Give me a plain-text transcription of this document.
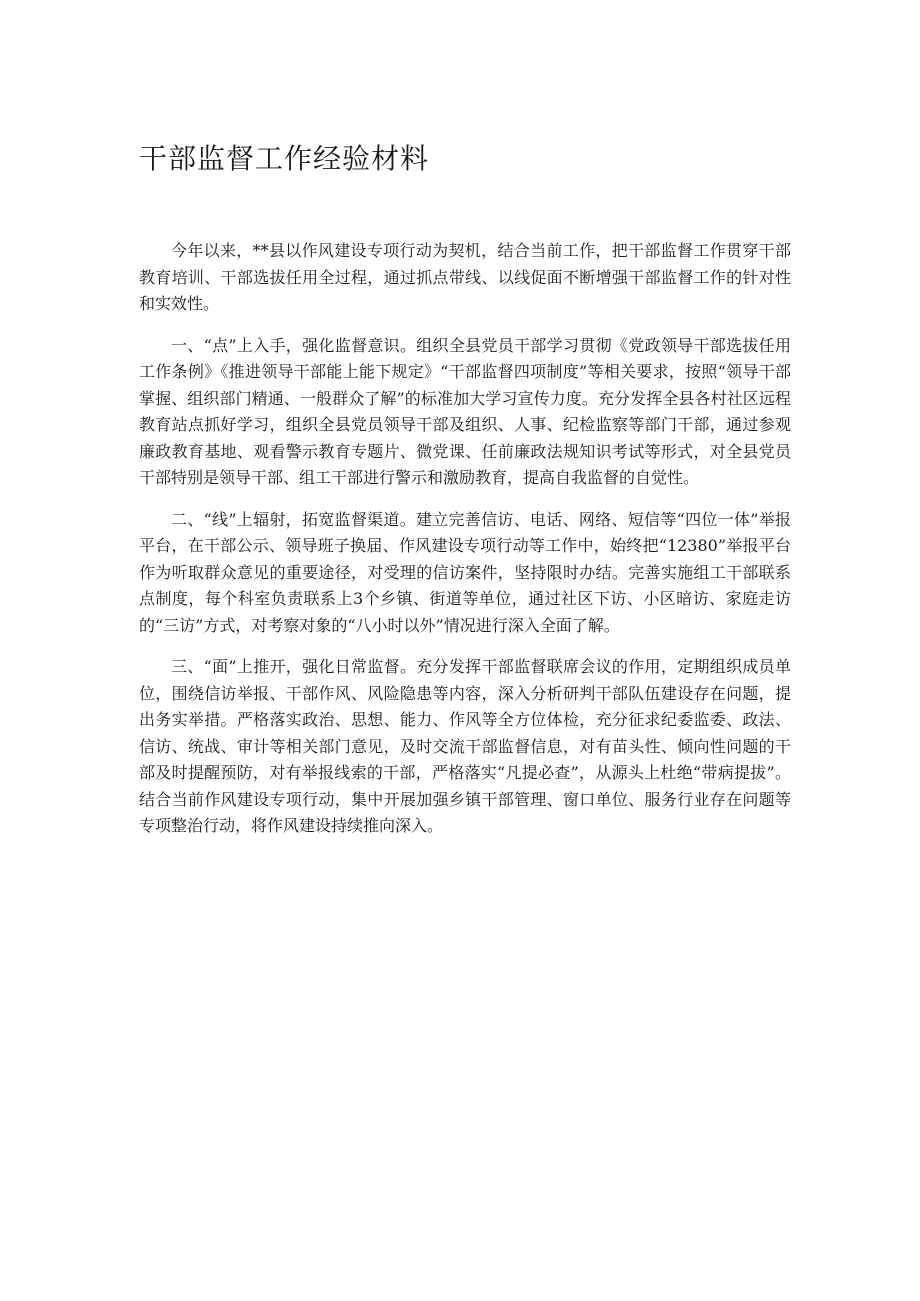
干部监督工作经验材料

今年以来，**县以作风建设专项行动为契机，结合当前工作，把干部监督工作贯穿干部教育培训、干部选拔任用全过程，通过抓点带线、以线促面不断增强干部监督工作的针对性和实效性。

一、“点”上入手，强化监督意识。组织全县党员干部学习贯彻《党政领导干部选拔任用工作条例》《推进领导干部能上能下规定》“干部监督四项制度”等相关要求，按照“领导干部掌握、组织部门精通、一般群众了解”的标准加大学习宣传力度。充分发挥全县各村社区远程教育站点抓好学习，组织全县党员领导干部及组织、人事、纪检监察等部门干部，通过参观廉政教育基地、观看警示教育专题片、微党课、任前廉政法规知识考试等形式，对全县党员干部特别是领导干部、组工干部进行警示和激励教育，提高自我监督的自觉性。

二、“线”上辐射，拓宽监督渠道。建立完善信访、电话、网络、短信等“四位一体”举报平台，在干部公示、领导班子换届、作风建设专项行动等工作中，始终把“12380”举报平台作为听取群众意见的重要途径，对受理的信访案件，坚持限时办结。完善实施组工干部联系点制度，每个科室负责联系上3个乡镇、街道等单位，通过社区下访、小区暗访、家庭走访的“三访”方式，对考察对象的“八小时以外”情况进行深入全面了解。

三、“面”上推开，强化日常监督。充分发挥干部监督联席会议的作用，定期组织成员单位，围绕信访举报、干部作风、风险隐患等内容，深入分析研判干部队伍建设存在问题，提出务实举措。严格落实政治、思想、能力、作风等全方位体检，充分征求纪委监委、政法、信访、统战、审计等相关部门意见，及时交流干部监督信息，对有苗头性、倾向性问题的干部及时提醒预防，对有举报线索的干部，严格落实“凡提必查”，从源头上杜绝“带病提拔”。结合当前作风建设专项行动，集中开展加强乡镇干部管理、窗口单位、服务行业存在问题等专项整治行动，将作风建设持续推向深入。
